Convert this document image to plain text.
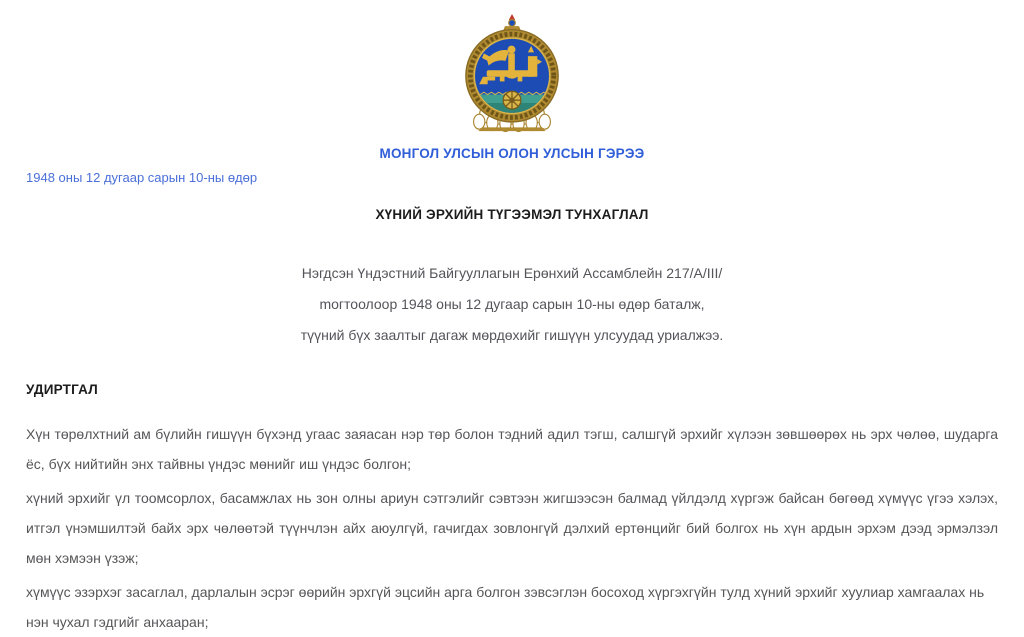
МОНГОЛ УЛСЫН ОЛОН УЛСЫН ГЭРЭЭ
1948 оны 12 дугаар сарын 10-ны өдөр
ХҮНИЙ ЭРХИЙН ТҮГЭЭМЭЛ ТУНХАГЛАЛ

Нэгдсэн Үндэстний Байгууллагын Ерөнхий Ассамблейн 217/A/III/

mогтоолоор 1948 оны 12 дугаар сарын 10-ны өдөр баталж,

түүний бүх заалтыг дагаж мөрдөхийг гишүүн улсуудад уриалжээ.

УДИРТГАЛ

Хүн төрөлхтний ам бүлийн гишүүн бүхэнд угаас заяасан нэр төр болон тэдний адил тэгш, салшгүй эрхийг хүлээн зөвшөөрөх нь эрх чөлөө, шударга ёс, бүх нийтийн энх тайвны үндэс мөнийг иш үндэс болгон;

хүний эрхийг үл тоомсорлох, басамжлах нь зон олны ариун сэтгэлийг сэвтээн жигшээсэн балмад үйлдэлд хүргэж байсан бөгөөд хүмүүс үгээ хэлэх, итгэл үнэмшилтэй байх эрх чөлөөтэй түүнчлэн айх аюулгүй, гачигдах зовлонгүй дэлхий ертөнцийг бий болгох нь хүн ардын эрхэм дээд эрмэлзэл мөн хэмээн үзэж;

хүмүүс эзэрхэг засаглал, дарлалын эсрэг өөрийн эрхгүй эцсийн арга болгон зэвсэглэн босоход хүргэхгүйн тулд хүний эрхийг хуулиар хамгаалах нь нэн чухал гэдгийг анхааран;
